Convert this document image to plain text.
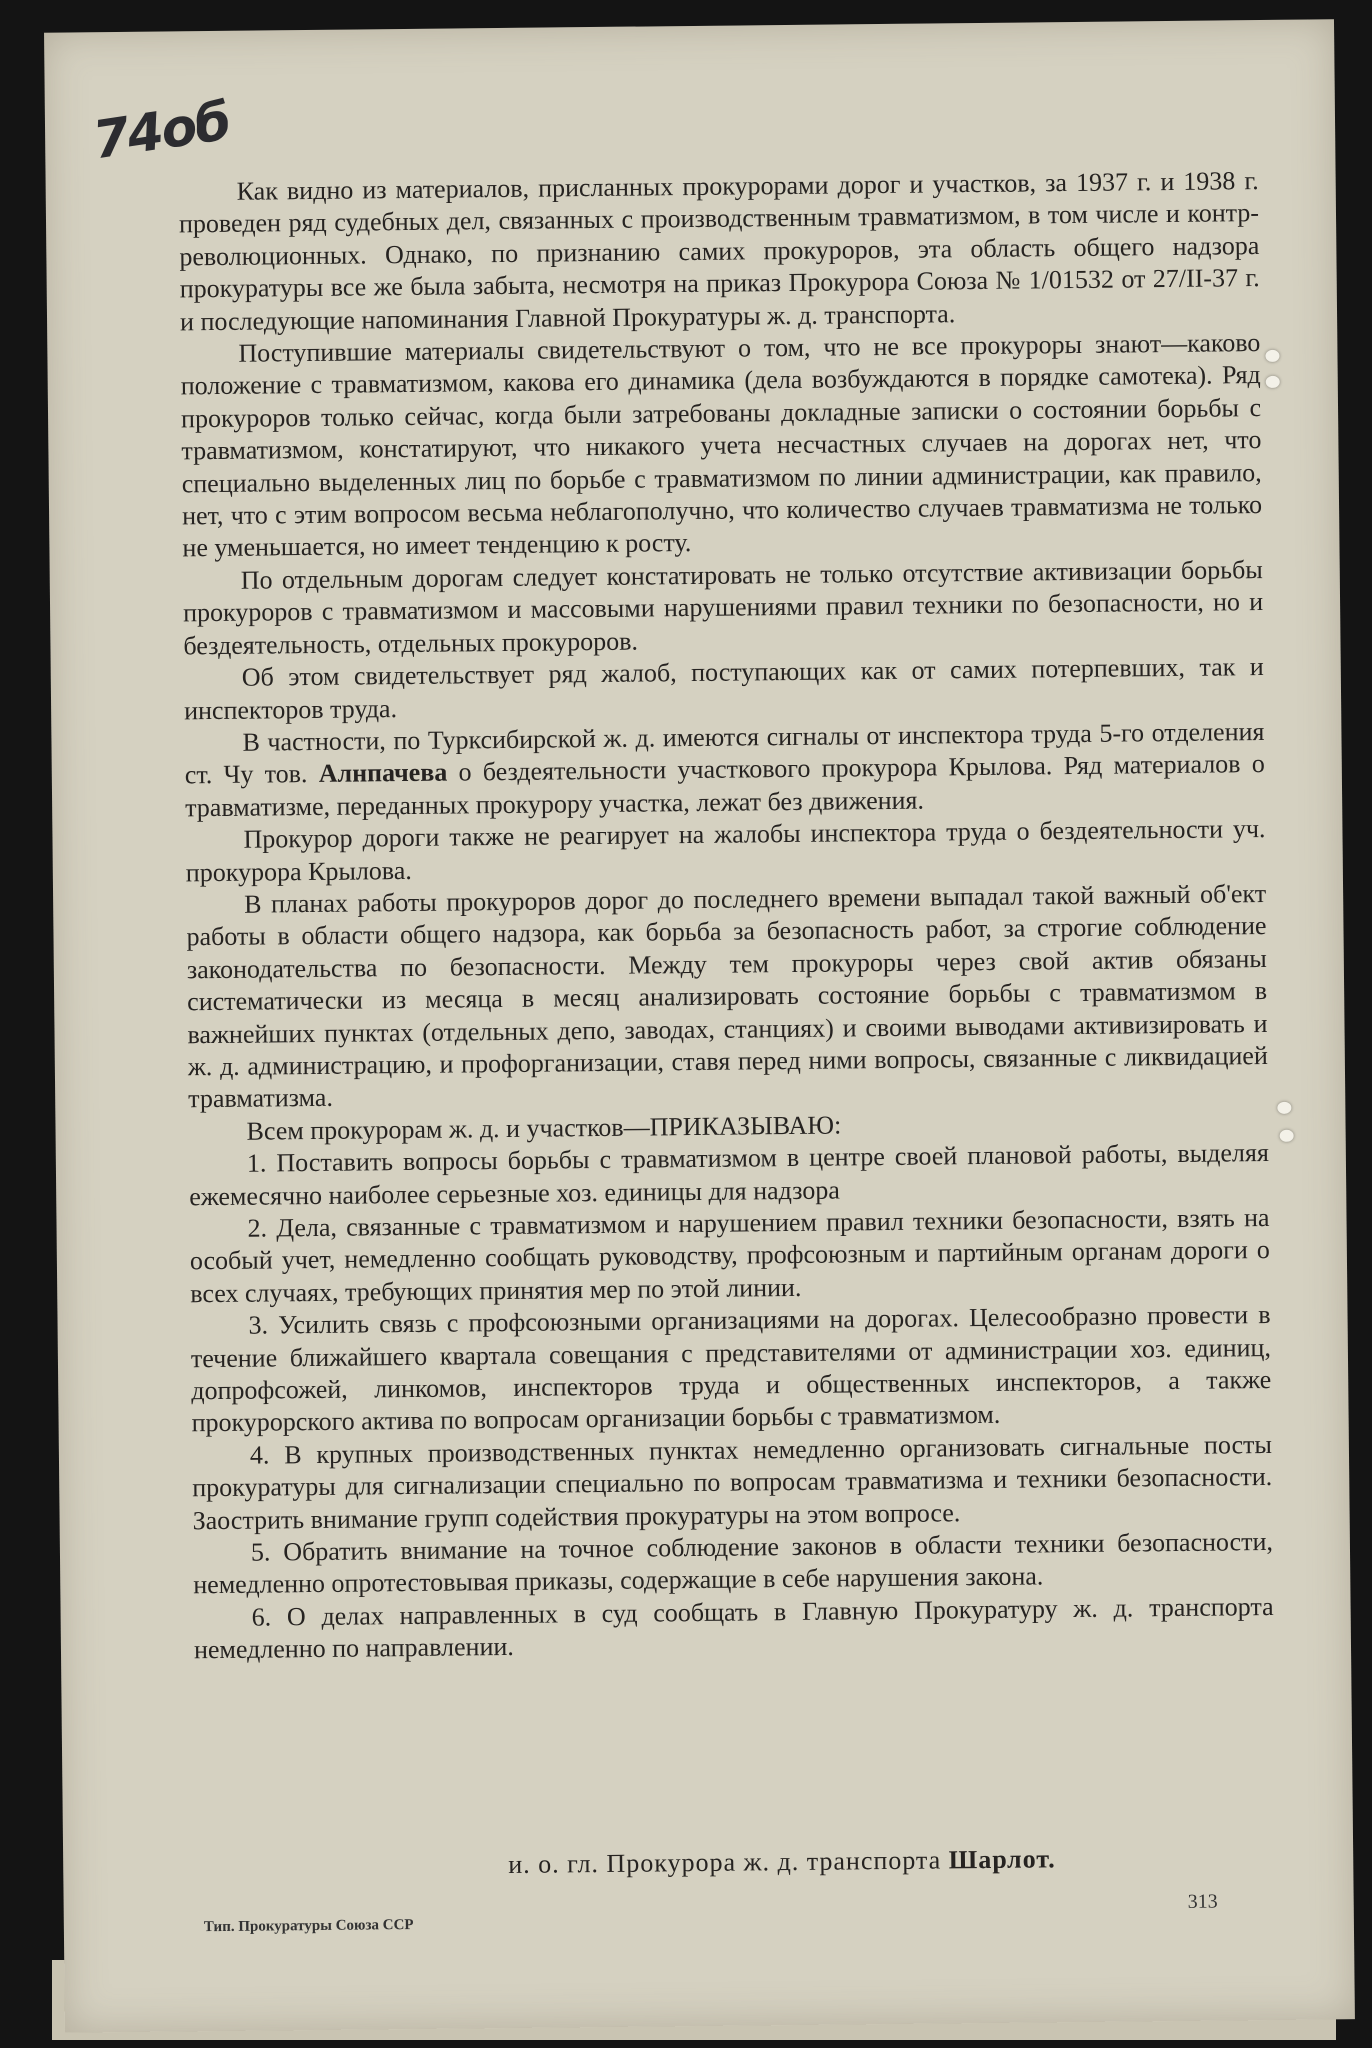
74об

Как видно из материалов, присланных прокурорами дорог и участков, за 1937 г. и 1938 г. проведен ряд судебных дел, связанных с производственным травматизмом, в том числе и контр-революционных. Однако, по признанию самих прокуроров, эта область общего надзора прокуратуры все же была забыта, несмотря на приказ Прокурора Союза № 1/01532 от 27/II-37 г. и последующие напоминания Главной Прокуратуры ж. д. транспорта.

Поступившие материалы свидетельствуют о том, что не все прокуроры знают—каково положение с травматизмом, какова его динамика (дела возбуждаются в порядке самотека). Ряд прокуроров только сейчас, когда были затребованы докладные записки о состоянии борьбы с травматизмом, констатируют, что никакого учета несчастных случаев на дорогах нет, что специально выделенных лиц по борьбе с травматизмом по линии администрации, как правило, нет, что с этим вопросом весьма неблагополучно, что количество случаев травматизма не только не уменьшается, но имеет тенденцию к росту.

По отдельным дорогам следует констатировать не только отсутствие активизации борьбы прокуроров с травматизмом и массовыми нарушениями правил техники по безопасности, но и бездеятельность, отдельных прокуроров.

Об этом свидетельствует ряд жалоб, поступающих как от самих потерпевших, так и инспекторов труда.

В частности, по Турксибирской ж. д. имеются сигналы от инспектора труда 5-го отделения ст. Чу тов. Алнпачева о бездеятельности участкового прокурора Крылова. Ряд материалов о травматизме, переданных прокурору участка, лежат без движения.

Прокурор дороги также не реагирует на жалобы инспектора труда о бездеятельности уч. прокурора Крылова.

В планах работы прокуроров дорог до последнего времени выпадал такой важный об'ект работы в области общего надзора, как борьба за безопасность работ, за строгие соблюдение законодательства по безопасности. Между тем прокуроры через свой актив обязаны систематически из месяца в месяц анализировать состояние борьбы с травматизмом в важнейших пунктах (отдельных депо, заводах, станциях) и своими выводами активизировать и ж. д. администрацию, и профорганизации, ставя перед ними вопросы, связанные с ликвидацией травматизма.

Всем прокурорам ж. д. и участков—ПРИКАЗЫВАЮ:

1. Поставить вопросы борьбы с травматизмом в центре своей плановой работы, выделяя ежемесячно наиболее серьезные хоз. единицы для надзора

2. Дела, связанные с травматизмом и нарушением правил техники безопасности, взять на особый учет, немедленно сообщать руководству, профсоюзным и партийным органам дороги о всех случаях, требующих принятия мер по этой линии.

3. Усилить связь с профсоюзными организациями на дорогах. Целесообразно провести в течение ближайшего квартала совещания с представителями от администрации хоз. единиц, допрофсожей, линкомов, инспекторов труда и общественных инспекторов, а также прокурорского актива по вопросам организации борьбы с травматизмом.

4. В крупных производственных пунктах немедленно организовать сигнальные посты прокуратуры для сигнализации специально по вопросам травматизма и техники безопасности. Заострить внимание групп содействия прокуратуры на этом вопросе.

5. Обратить внимание на точное соблюдение законов в области техники безопасности, немедленно опротестовывая приказы, содержащие в себе нарушения закона.

6. О делах направленных в суд сообщать в Главную Прокуратуру ж. д. транспорта немедленно по направлении.

и. о. гл. Прокурора ж. д. транспорта Шарлот.
313
Тип. Прокуратуры Союза ССР
